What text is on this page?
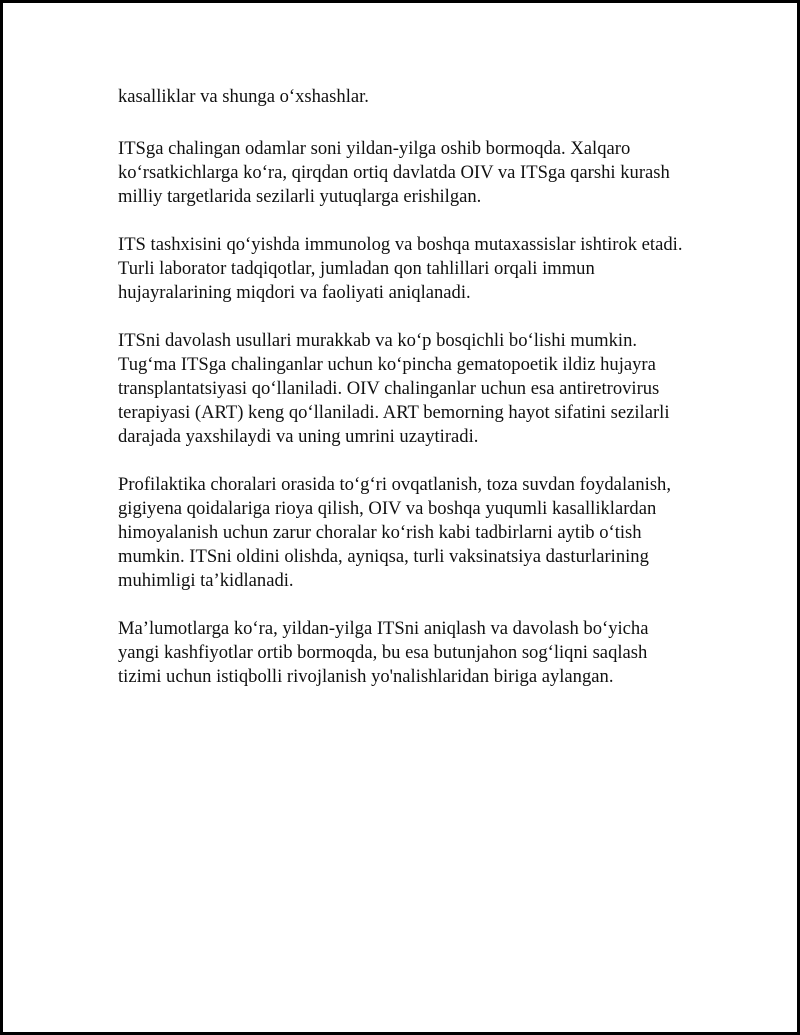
kasalliklar va shunga o‘xshashlar.
ITSga chalingan odamlar soni yildan-yilga oshib bormoqda. Xalqaro
ko‘rsatkichlarga ko‘ra, qirqdan ortiq davlatda OIV va ITSga qarshi kurash
milliy targetlarida sezilarli yutuqlarga erishilgan.
ITS tashxisini qo‘yishda immunolog va boshqa mutaxassislar ishtirok etadi.
Turli laborator tadqiqotlar, jumladan qon tahlillari orqali immun
hujayralarining miqdori va faoliyati aniqlanadi.
ITSni davolash usullari murakkab va ko‘p bosqichli bo‘lishi mumkin.
Tug‘ma ITSga chalinganlar uchun ko‘pincha gematopoetik ildiz hujayra
transplantatsiyasi qo‘llaniladi. OIV chalinganlar uchun esa antiretrovirus
terapiyasi (ART) keng qo‘llaniladi. ART bemorning hayot sifatini sezilarli
darajada yaxshilaydi va uning umrini uzaytiradi.
Profilaktika choralari orasida to‘g‘ri ovqatlanish, toza suvdan foydalanish,
gigiyena qoidalariga rioya qilish, OIV va boshqa yuqumli kasalliklardan
himoyalanish uchun zarur choralar ko‘rish kabi tadbirlarni aytib o‘tish
mumkin. ITSni oldini olishda, ayniqsa, turli vaksinatsiya dasturlarining
muhimligi ta’kidlanadi.
Ma’lumotlarga ko‘ra, yildan-yilga ITSni aniqlash va davolash bo‘yicha
yangi kashfiyotlar ortib bormoqda, bu esa butunjahon sog‘liqni saqlash
tizimi uchun istiqbolli rivojlanish yo'nalishlaridan biriga aylangan.
